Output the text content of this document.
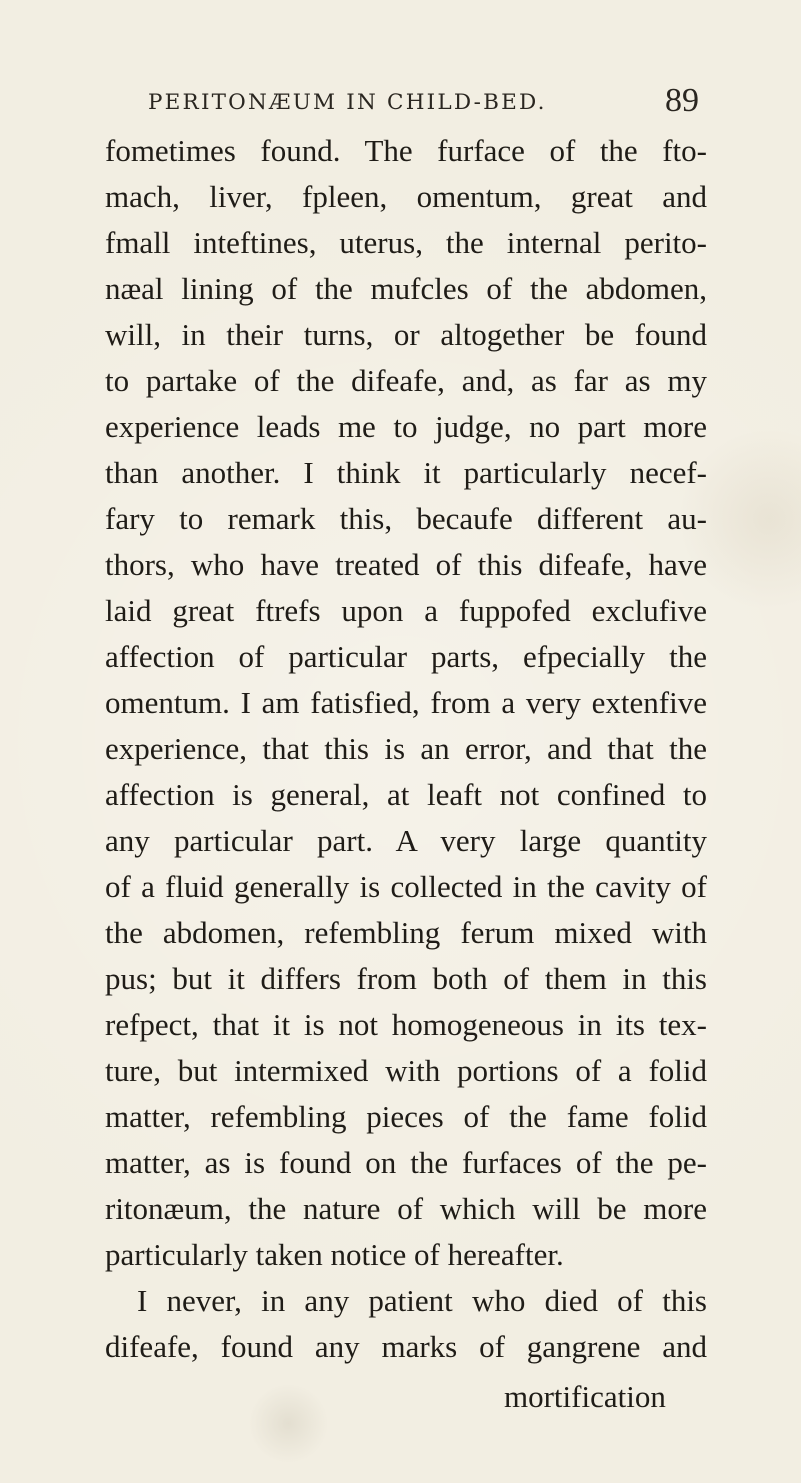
PERITONÆUM IN CHILD-BED.	89
fometimes found. The furface of the fto-
mach, liver, fpleen, omentum, great and
fmall inteftines, uterus, the internal perito-
næal lining of the mufcles of the abdomen,
will, in their turns, or altogether be found
to partake of the difeafe, and, as far as my
experience leads me to judge, no part more
than another. I think it particularly necef-
fary to remark this, becaufe different au-
thors, who have treated of this difeafe, have
laid great ftrefs upon a fuppofed exclufive
affection of particular parts, efpecially the
omentum. I am fatisfied, from a very extenfive
experience, that this is an error, and that the
affection is general, at leaft not confined to
any particular part. A very large quantity
of a fluid generally is collected in the cavity of
the abdomen, refembling ferum mixed with
pus; but it differs from both of them in this
refpect, that it is not homogeneous in its tex-
ture, but intermixed with portions of a folid
matter, refembling pieces of the fame folid
matter, as is found on the furfaces of the pe-
ritonæum, the nature of which will be more
particularly taken notice of hereafter.
I never, in any patient who died of this
difeafe, found any marks of gangrene and
mortification
